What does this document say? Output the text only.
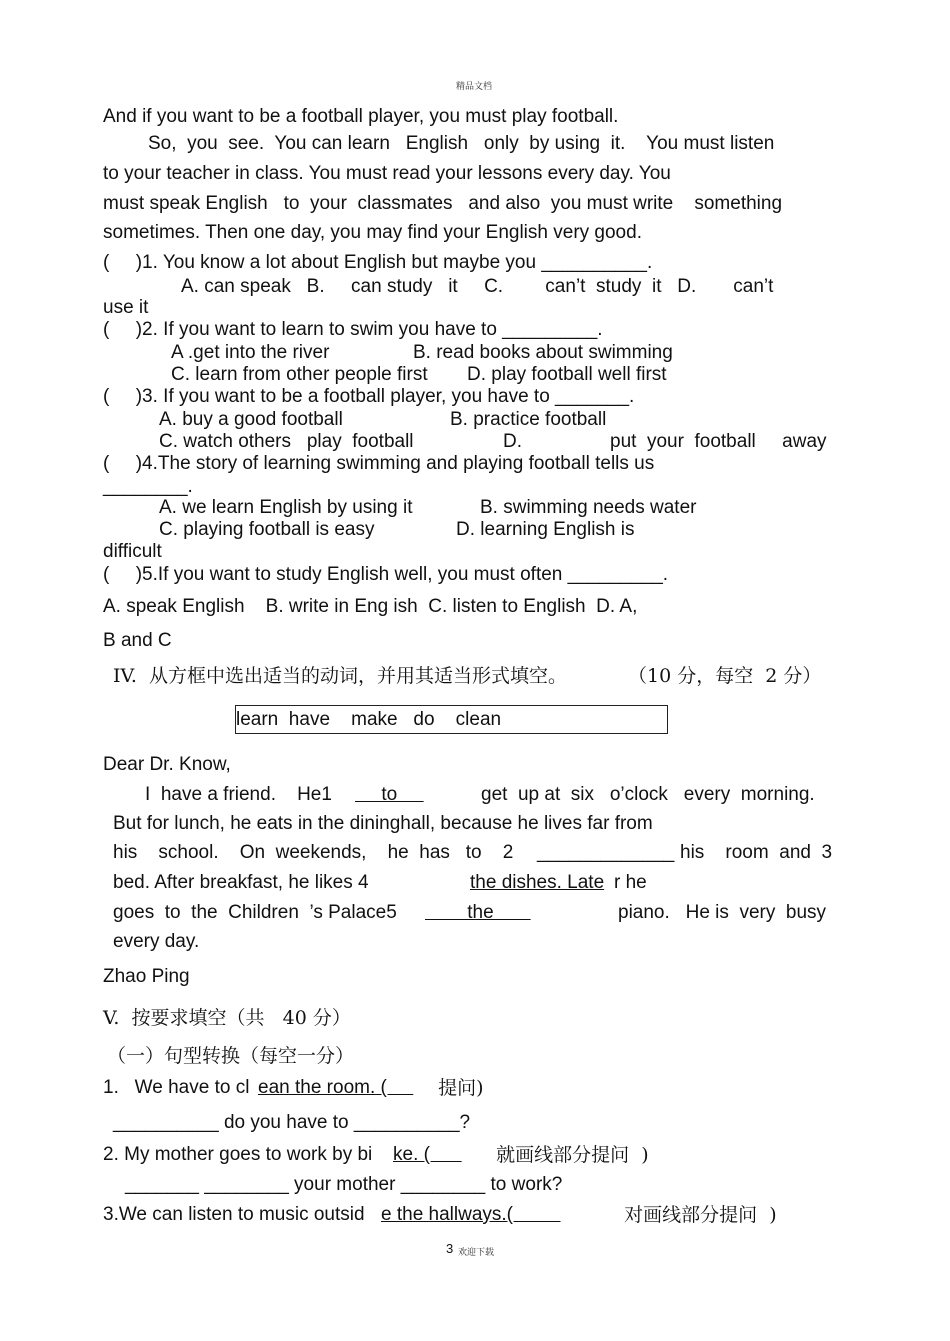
精品文档
And if you want to be a football player, you must play football.
So,  you  see.  You can learn   English   only  by using  it.    You must listen
to your teacher in class. You must read your lessons every day. You
must speak English   to  your  classmates   and also  you must write    something
sometimes. Then one day, you may find your English very good.
(     )1. You know a lot about English but maybe you __________.
A. can speak   B.     can study   it     C.        can’t  study  it   D.       can’t
use it
(     )2. If you want to learn to swim you have to _________.
A .get into the river	B. read books about swimming
C. learn from other people first D. play football well first
(     )3. If you want to be a football player, you have to _______.
A. buy a good football	B. practice football
C. watch others   play  football	D.	put  your  football     away
(     )4.The story of learning swimming and playing football tells us
________.
A. we learn English by using it	B. swimming needs water
C. playing football is easy	D. learning English is
difficult
(     )5.If you want to study English well, you must often _________.
A. speak English    B. write in Eng ish  C. listen to English  D. A,
B and C
IV.  从方框中选出适当的动词，并用其适当形式填空。	（10 分，每空  2 分）
learn  have    make   do    clean
Dear Dr. Know,
I  have a friend.    He1 to	get  up at  six   o’clock   every  morning.
But for lunch, he eats in the dininghall, because he lives far from
his    school.    On  weekends,    he  has   to    2 _____________ his    room  and  3
bed. After breakfast, he likes 4	the dishes. Late r he
goes  to  the  Children  ’s Palace5 the	piano.   He is  very  busy
every day.
Zhao Ping
V.  按要求填空（共   40 分）
（一）句型转换（每空一分）
1.   We have to cl ean the room. ( 提问)
__________ do you have to __________?
2. My mother goes to work by bi ke. ( 就画线部分提问  )
_______ ________ your mother ________ to work?
3.We can listen to music outsid e the hallways.( 对画线部分提问  )
3 欢迎下载
